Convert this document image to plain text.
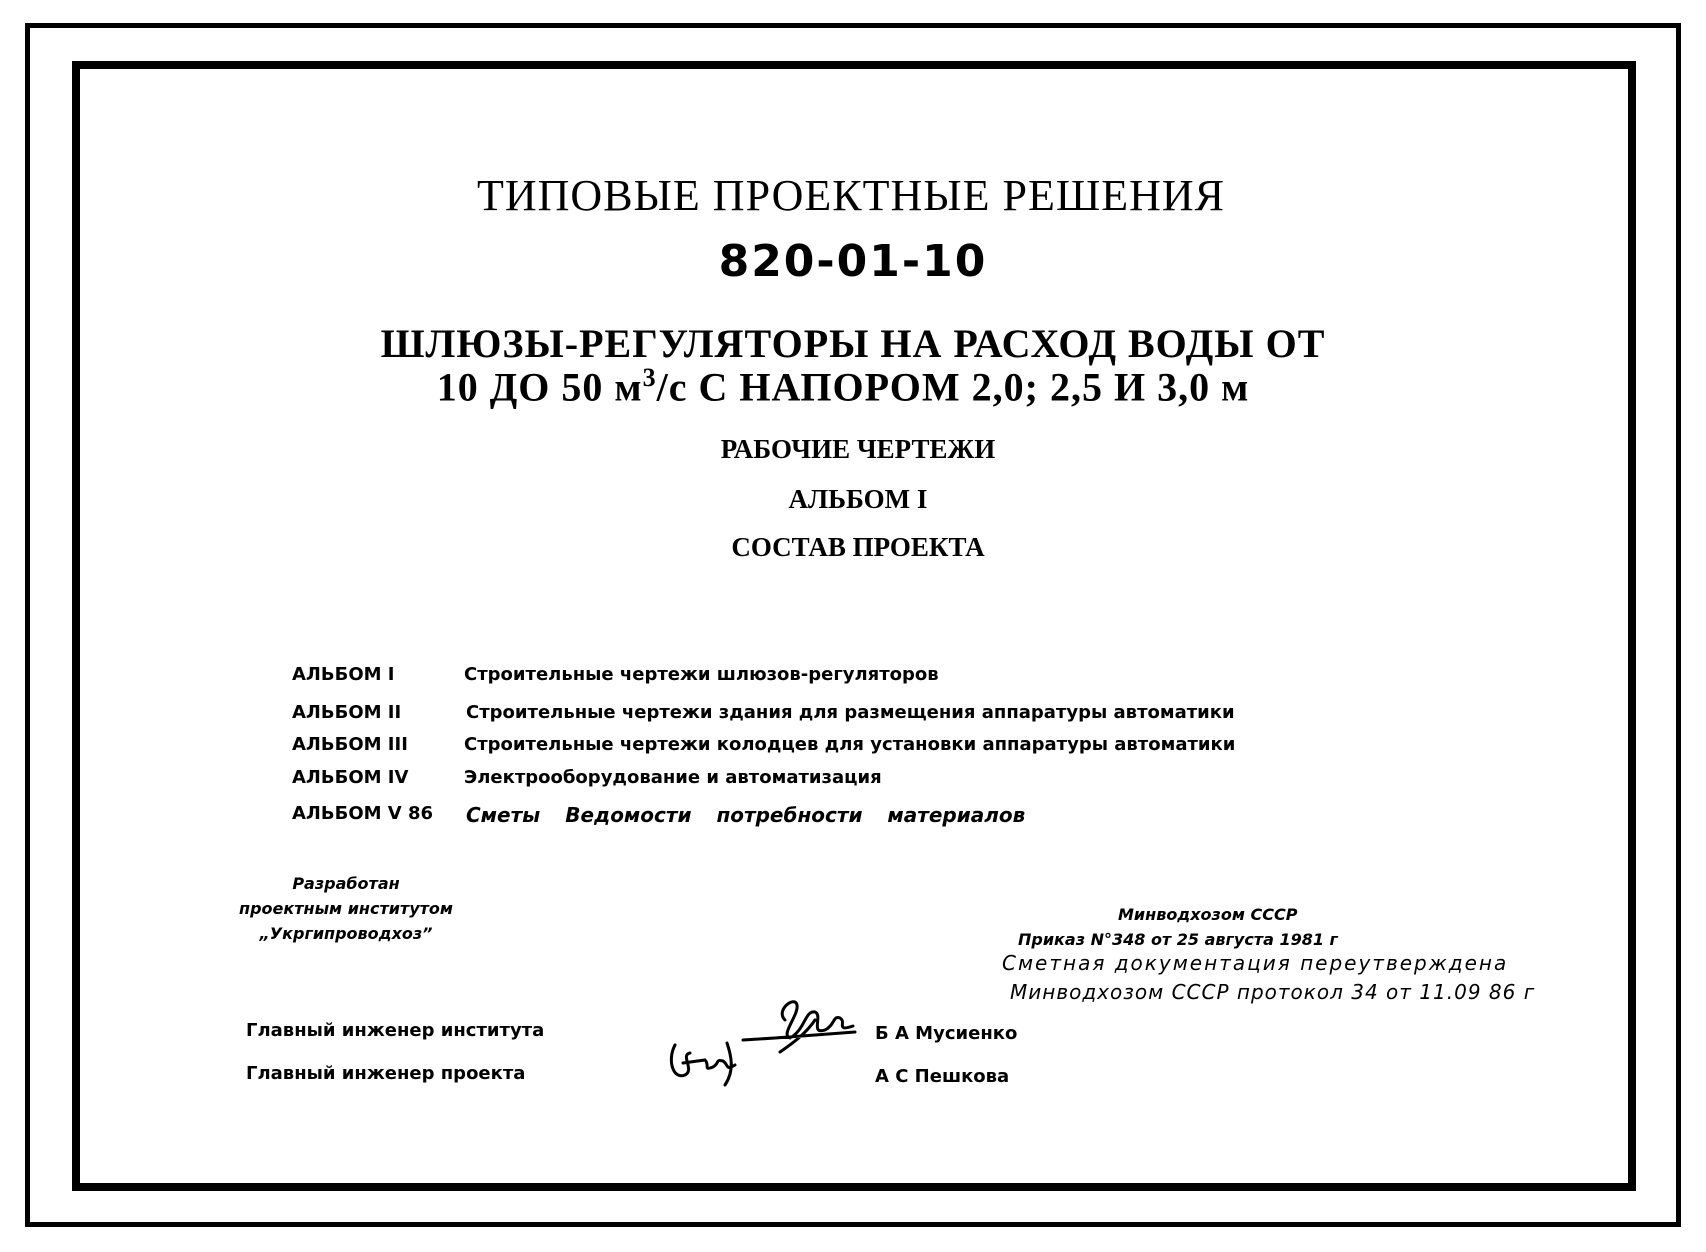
ТИПОВЫЕ ПРОЕКТНЫЕ РЕШЕНИЯ
820-01-10
ШЛЮЗЫ-РЕГУЛЯТОРЫ НА РАСХОД ВОДЫ ОТ
10 ДО 50 $м^3/с$ С НАПОРОМ 2,0; 2,5 И 3,0 м
РАБОЧИЕ ЧЕРТЕЖИ
АЛЬБОМ I
СОСТАВ ПРОЕКТА
АЛЬБОМ I	Строительные чертежи шлюзов-регуляторов
АЛЬБОМ II	Строительные чертежи здания для размещения аппаратуры автоматики
АЛЬБОМ III	Строительные чертежи колодцев для установки аппаратуры автоматики
АЛЬБОМ IV	Электрооборудование и автоматизация
АЛЬБОМ V 86	Сметы Ведомости потребности материалов
Разработан
проектным институтом
„Укргипроводхоз”
Минводхозом СССР
Приказ N°348 от 25 августа 1981 г
Сметная документация переутверждена
Минводхозом СССР протокол 34 от 11.09 86 г
Главный инженер института	Б А Мусиенко
Главный инженер проекта	А С Пешкова
